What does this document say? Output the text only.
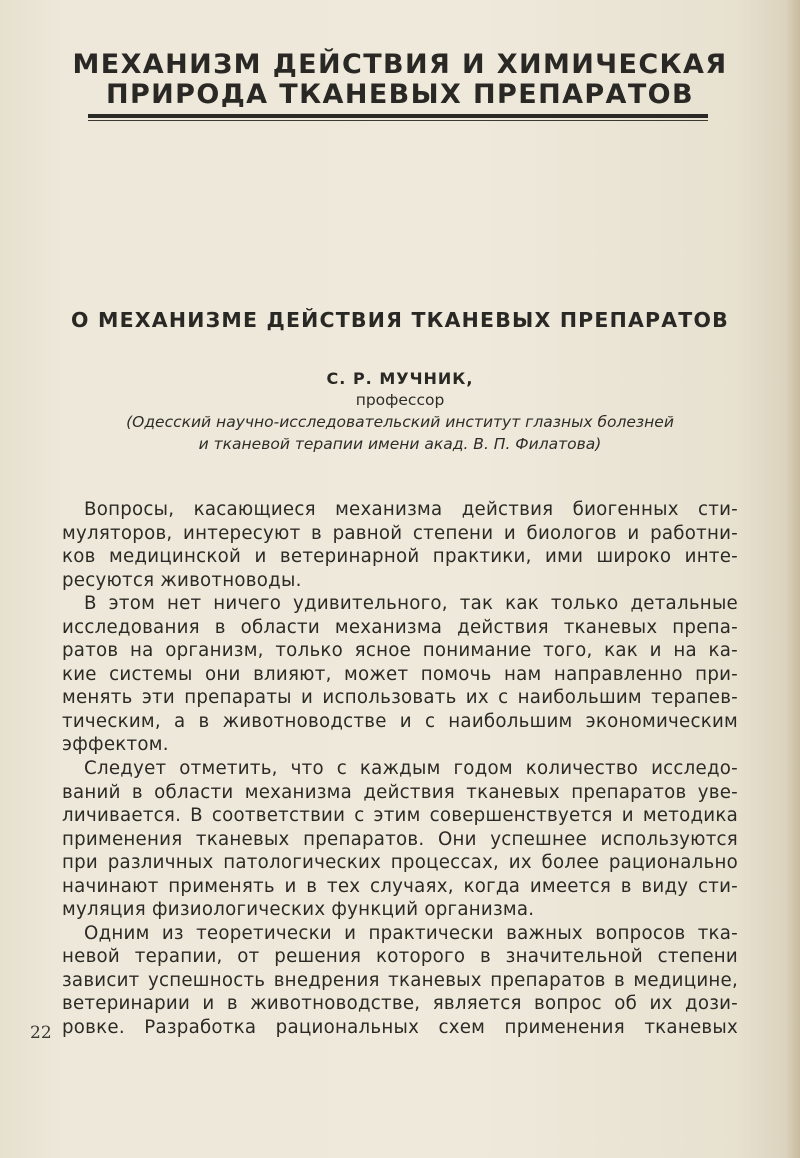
МЕХАНИЗМ ДЕЙСТВИЯ И ХИМИЧЕСКАЯ
ПРИРОДА ТКАНЕВЫХ ПРЕПАРАТОВ
О МЕХАНИЗМЕ ДЕЙСТВИЯ ТКАНЕВЫХ ПРЕПАРАТОВ
С. Р. МУЧНИК,
профессор
(Одесский научно-исследовательский институт глазных болезней
и тканевой терапии имени акад. В. П. Филатова)

Вопросы, касающиеся механизма действия биогенных сти-
муляторов, интересуют в равной степени и биологов и работни-
ков медицинской и ветеринарной практики, ими широко инте-
ресуются животноводы.

В этом нет ничего удивительного, так как только детальные
исследования в области механизма действия тканевых препа-
ратов на организм, только ясное понимание того, как и на ка-
кие системы они влияют, может помочь нам направленно при-
менять эти препараты и использовать их с наибольшим терапев-
тическим, а в животноводстве и с наибольшим экономическим
эффектом.

Следует отметить, что с каждым годом количество исследо-
ваний в области механизма действия тканевых препаратов уве-
личивается. В соответствии с этим совершенствуется и методика
применения тканевых препаратов. Они успешнее используются
при различных патологических процессах, их более рационально
начинают применять и в тех случаях, когда имеется в виду сти-
муляция физиологических функций организма.

Одним из теоретически и практически важных вопросов тка-
невой терапии, от решения которого в значительной степени
зависит успешность внедрения тканевых препаратов в медицине,
ветеринарии и в животноводстве, является вопрос об их дози-
ровке. Разработка рациональных схем применения тканевых

22
